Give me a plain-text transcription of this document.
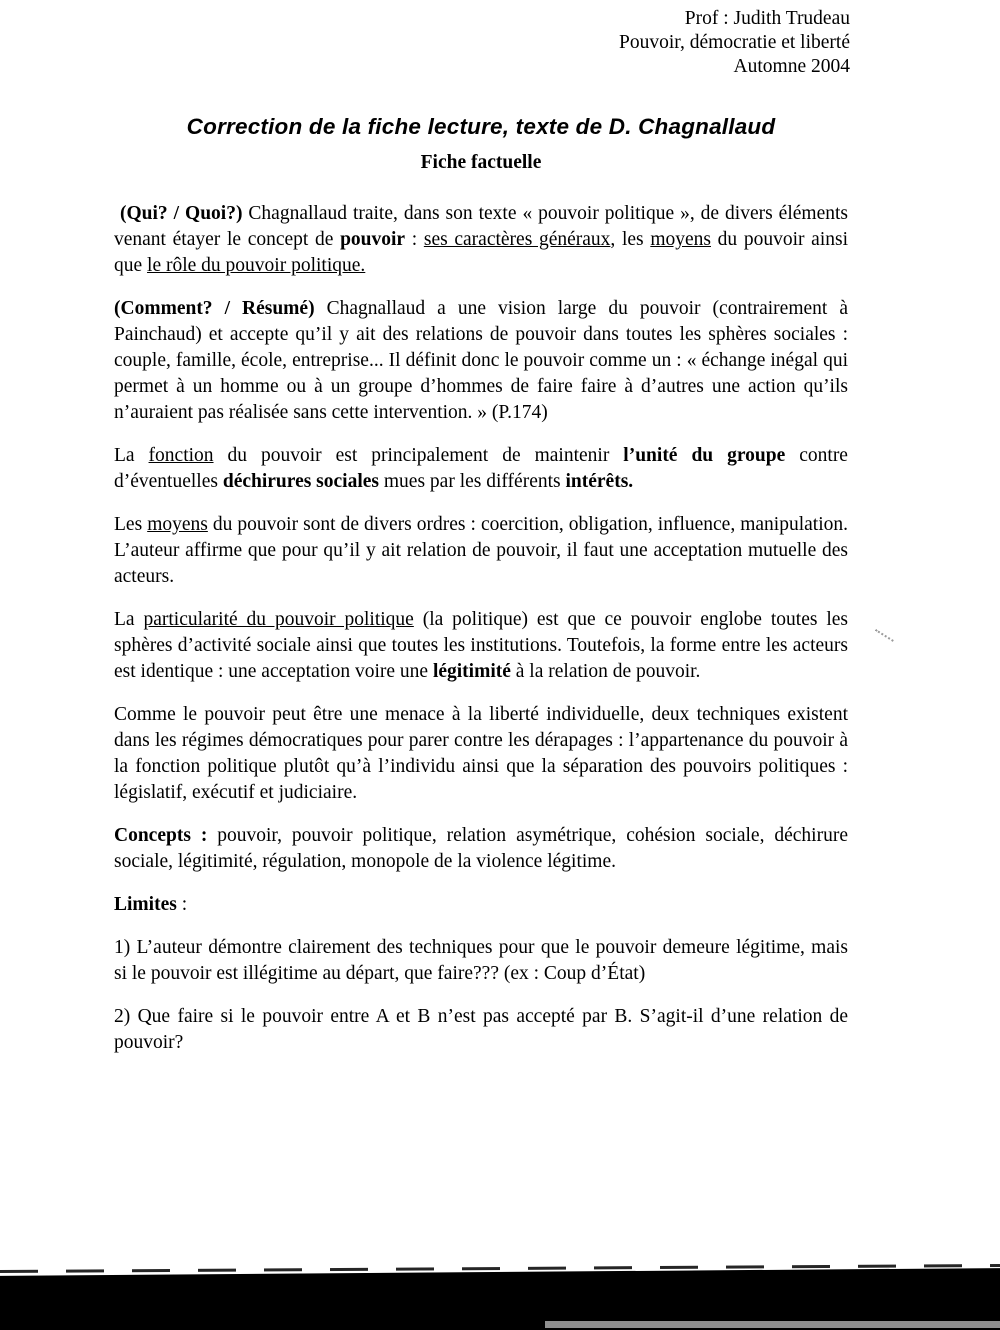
Prof : Judith Trudeau
Pouvoir, démocratie et liberté
Automne 2004
Correction de la fiche lecture, texte de D. Chagnallaud
Fiche factuelle

(Qui? / Quoi?) Chagnallaud traite, dans son texte « pouvoir politique », de divers éléments venant étayer le concept de pouvoir : ses caractères généraux, les moyens du pouvoir ainsi que le rôle du pouvoir politique.

(Comment? / Résumé) Chagnallaud a une vision large du pouvoir (contrairement à Painchaud) et accepte qu’il y ait des relations de pouvoir dans toutes les sphères sociales : couple, famille, école, entreprise... Il définit donc le pouvoir comme un : « échange inégal qui permet à un homme ou à un groupe d’hommes de faire faire à d’autres une action qu’ils n’auraient pas réalisée sans cette intervention. » (P.174)

La fonction du pouvoir est principalement de maintenir l’unité du groupe contre d’éventuelles déchirures sociales mues par les différents intérêts.

Les moyens du pouvoir sont de divers ordres : coercition, obligation, influence, manipulation. L’auteur affirme que pour qu’il y ait relation de pouvoir, il faut une acceptation mutuelle des acteurs.

La particularité du pouvoir politique (la politique) est que ce pouvoir englobe toutes les sphères d’activité sociale ainsi que toutes les institutions. Toutefois, la forme entre les acteurs est identique : une acceptation voire une légitimité à la relation de pouvoir.

Comme le pouvoir peut être une menace à la liberté individuelle, deux techniques existent dans les régimes démocratiques pour parer contre les dérapages : l’appartenance du pouvoir à la fonction politique plutôt qu’à l’individu ainsi que la séparation des pouvoirs politiques : législatif, exécutif et judiciaire.

Concepts : pouvoir, pouvoir politique, relation asymétrique, cohésion sociale, déchirure sociale, légitimité, régulation, monopole de la violence légitime.

Limites :

1) L’auteur démontre clairement des techniques pour que le pouvoir demeure légitime, mais si le pouvoir est illégitime au départ, que faire??? (ex : Coup d’État)

2) Que faire si le pouvoir entre A et B n’est pas accepté par B. S’agit-il d’une relation de pouvoir?
